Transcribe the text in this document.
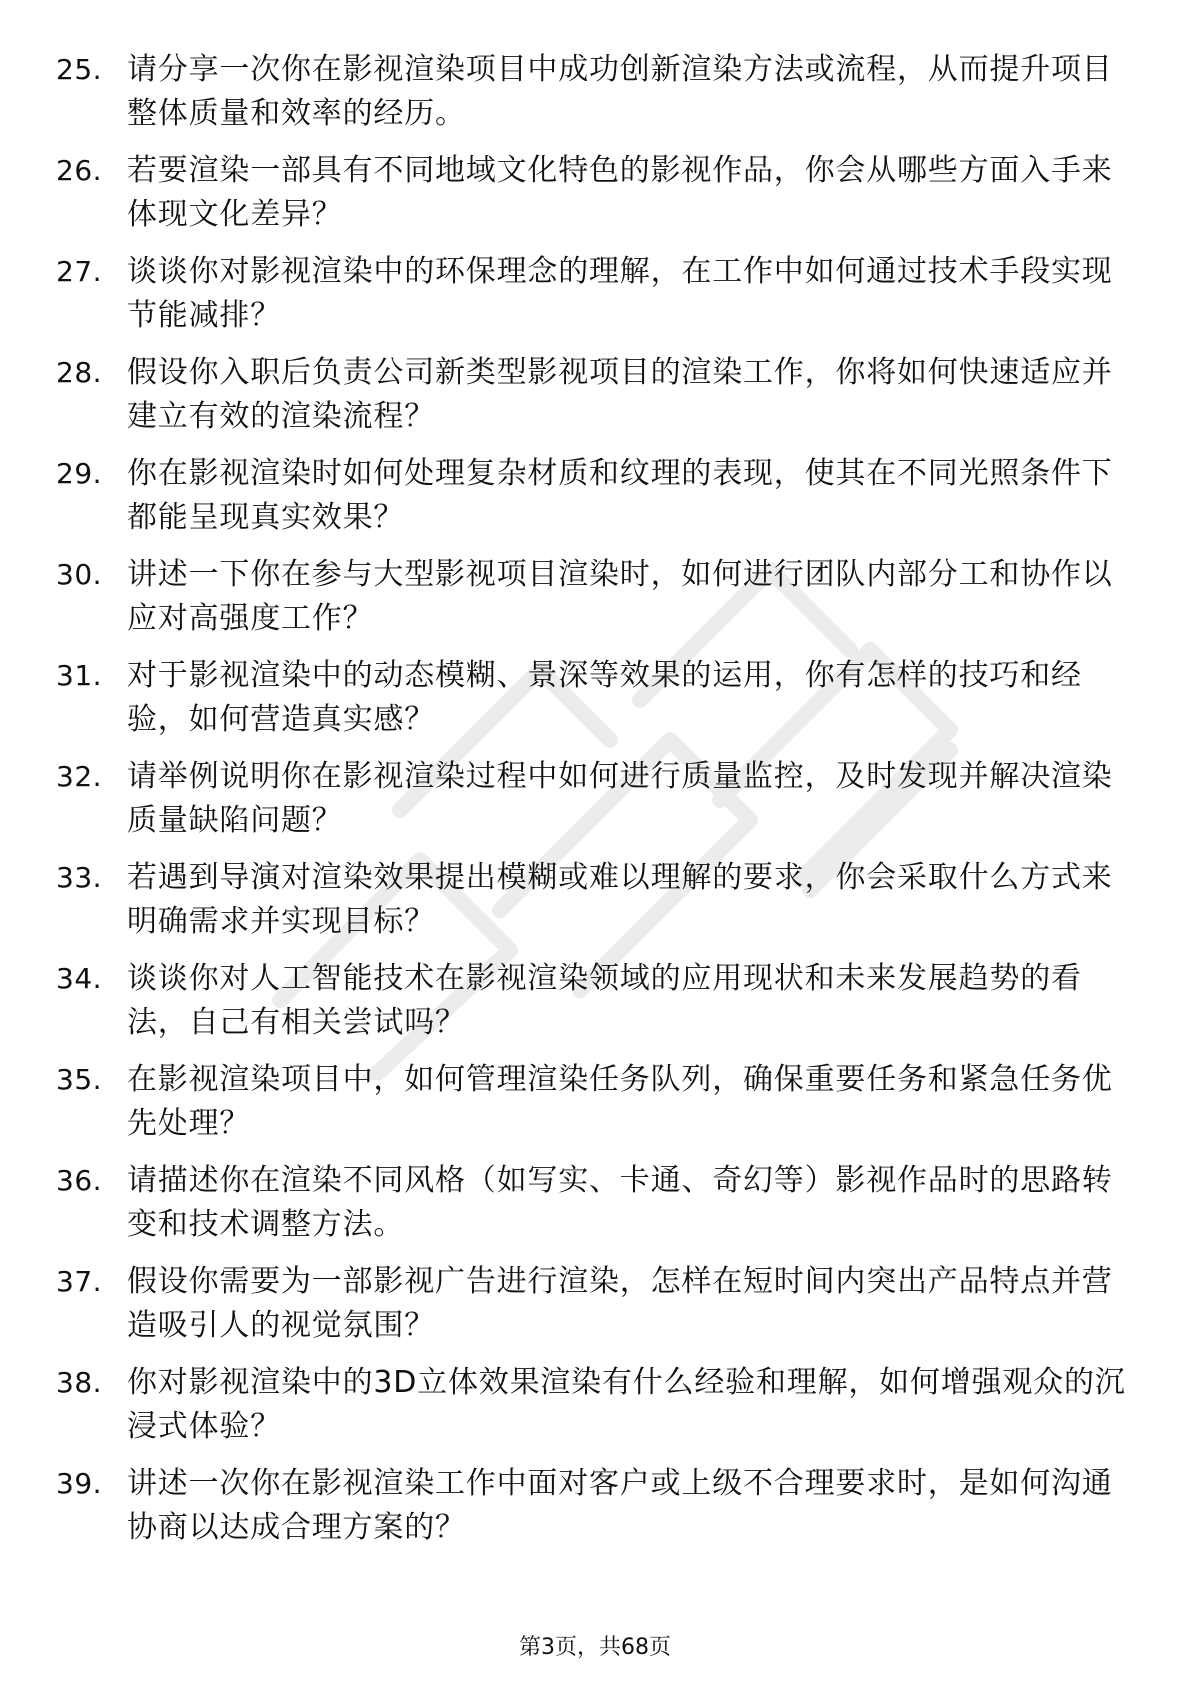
25. 请分享一次你在影视渲染项目中成功创新渲染方法或流程，从而提升项目整体质量和效率的经历。
26. 若要渲染一部具有不同地域文化特色的影视作品，你会从哪些方面入手来体现文化差异？
27. 谈谈你对影视渲染中的环保理念的理解，在工作中如何通过技术手段实现节能减排？
28. 假设你入职后负责公司新类型影视项目的渲染工作，你将如何快速适应并建立有效的渲染流程？
29. 你在影视渲染时如何处理复杂材质和纹理的表现，使其在不同光照条件下都能呈现真实效果？
30. 讲述一下你在参与大型影视项目渲染时，如何进行团队内部分工和协作以应对高强度工作？
31. 对于影视渲染中的动态模糊、景深等效果的运用，你有怎样的技巧和经验，如何营造真实感？
32. 请举例说明你在影视渲染过程中如何进行质量监控，及时发现并解决渲染质量缺陷问题？
33. 若遇到导演对渲染效果提出模糊或难以理解的要求，你会采取什么方式来明确需求并实现目标？
34. 谈谈你对人工智能技术在影视渲染领域的应用现状和未来发展趋势的看法，自己有相关尝试吗？
35. 在影视渲染项目中，如何管理渲染任务队列，确保重要任务和紧急任务优先处理？
36. 请描述你在渲染不同风格（如写实、卡通、奇幻等）影视作品时的思路转变和技术调整方法。
37. 假设你需要为一部影视广告进行渲染，怎样在短时间内突出产品特点并营造吸引人的视觉氛围？
38. 你对影视渲染中的3D立体效果渲染有什么经验和理解，如何增强观众的沉浸式体验？
39. 讲述一次你在影视渲染工作中面对客户或上级不合理要求时，是如何沟通协商以达成合理方案的？
第3页，共68页
